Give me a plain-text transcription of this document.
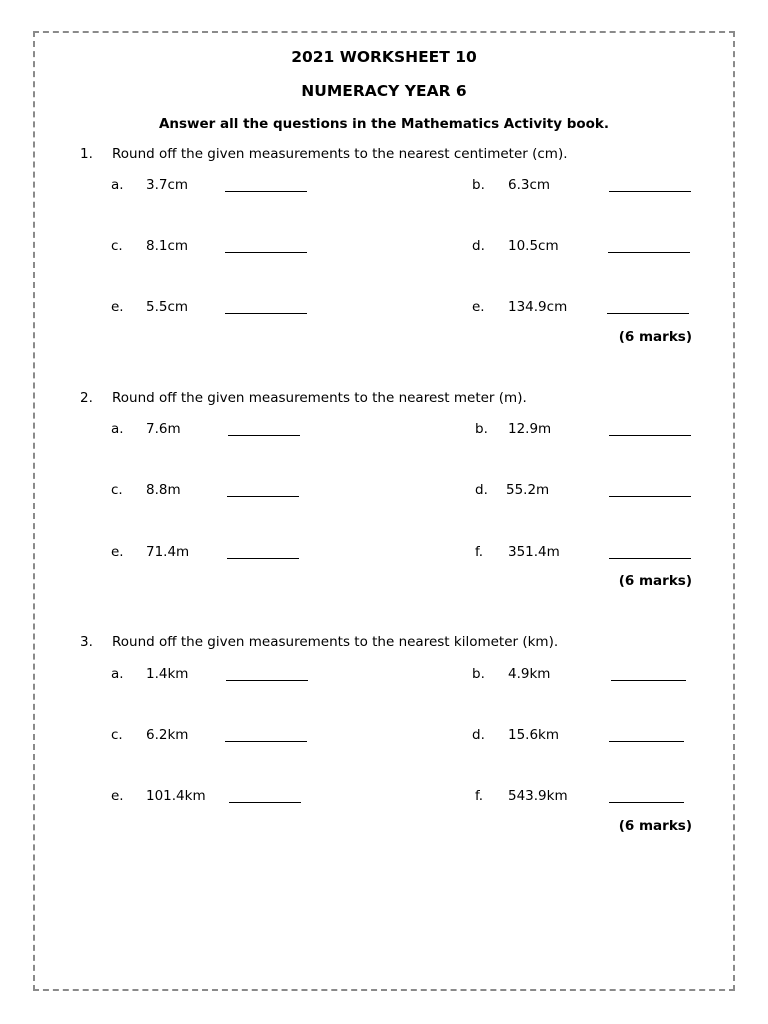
2021 WORKSHEET 10
NUMERACY YEAR 6
Answer all the questions in the Mathematics Activity book.
1. Round off the given measurements to the nearest centimeter (cm).
a. 3.7cm	b. 6.3cm
c. 8.1cm	d. 10.5cm
e. 5.5cm	e. 134.9cm
(6 marks)
2. Round off the given measurements to the nearest meter (m).
a. 7.6m	b. 12.9m
c. 8.8m	d. 55.2m
e. 71.4m	f. 351.4m
(6 marks)
3. Round off the given measurements to the nearest kilometer (km).
a. 1.4km	b. 4.9km
c. 6.2km	d. 15.6km
e. 101.4km	f. 543.9km
(6 marks)
